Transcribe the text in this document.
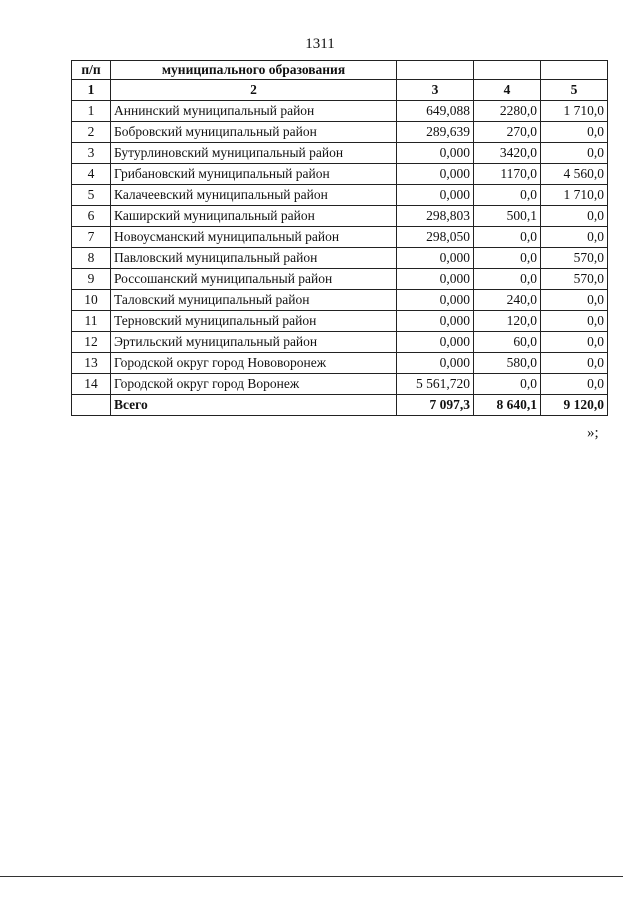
1311
п/п	муниципального образования			
1	2	3	4	5
1	Аннинский муниципальный район	649,088	2280,0	1 710,0
2	Бобровский муниципальный район	289,639	270,0	0,0
3	Бутурлиновский муниципальный район	0,000	3420,0	0,0
4	Грибановский муниципальный район	0,000	1170,0	4 560,0
5	Калачеевский муниципальный район	0,000	0,0	1 710,0
6	Каширский муниципальный район	298,803	500,1	0,0
7	Новоусманский муниципальный район	298,050	0,0	0,0
8	Павловский муниципальный район	0,000	0,0	570,0
9	Россошанский муниципальный район	0,000	0,0	570,0
10	Таловский муниципальный район	0,000	240,0	0,0
11	Терновский муниципальный район	0,000	120,0	0,0
12	Эртильский муниципальный район	0,000	60,0	0,0
13	Городской округ город Нововоронеж	0,000	580,0	0,0
14	Городской округ город Воронеж	5 561,720	0,0	0,0
	Всего	7 097,3	8 640,1	9 120,0
»;
